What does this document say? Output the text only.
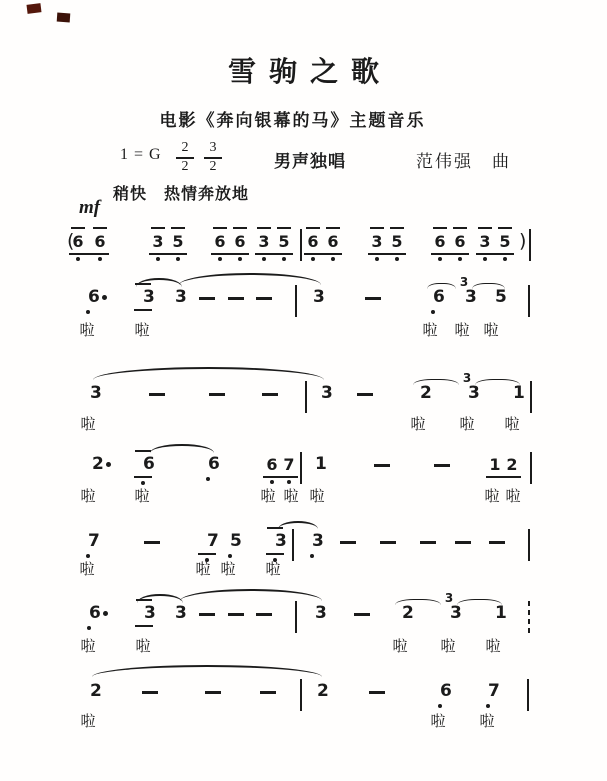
雪驹之歌
电影《奔向银幕的马》主题音乐
1 = G $\frac{2}{2} \frac{3}{2}$	男声独唱	范伟强　曲
稍快　热情奔放地
mf
(
6 6	3 5 6 6 3 5 6 6 3 5 6 6 3 5 )
6	3 3	3	6 3 5
3
啦	啦	啦 啦 啦
3	3	2 3 1
3
啦	啦 啦 啦
2 6	6	6 7 1	1 2
啦	啦	啦 啦 啦	啦 啦
7	7 5 3 3
啦	啦 啦 啦
6	3 3	3	2 3 1
3
啦	啦	啦 啦 啦
2	2	6 7
啦	啦 啦
